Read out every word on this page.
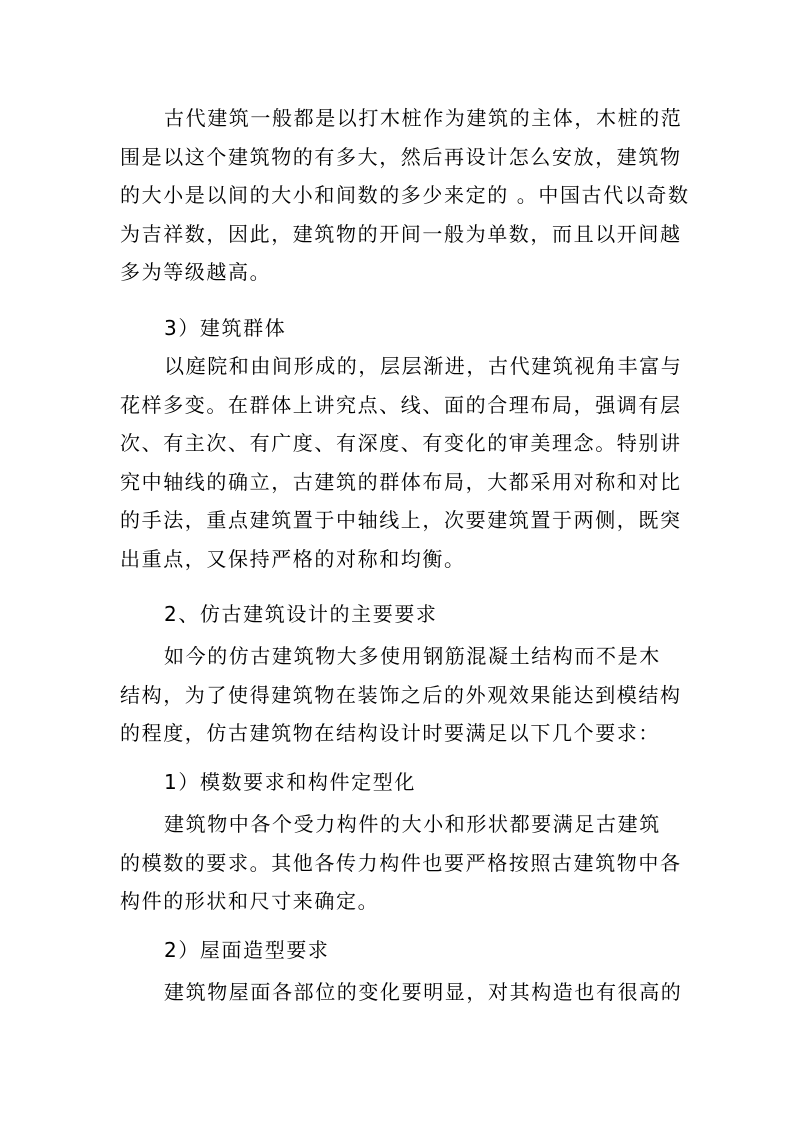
古代建筑一般都是以打木桩作为建筑的主体，木桩的范
围是以这个建筑物的有多大，然后再设计怎么安放，建筑物
的大小是以间的大小和间数的多少来定的 。中国古代以奇数
为吉祥数，因此，建筑物的开间一般为单数，而且以开间越
多为等级越高。
3）建筑群体
以庭院和由间形成的，层层渐进，古代建筑视角丰富与
花样多变。在群体上讲究点、线、面的合理布局，强调有层
次、有主次、有广度、有深度、有变化的审美理念。特别讲
究中轴线的确立，古建筑的群体布局，大都采用对称和对比
的手法，重点建筑置于中轴线上，次要建筑置于两侧，既突
出重点，又保持严格的对称和均衡。
2、仿古建筑设计的主要要求
如今的仿古建筑物大多使用钢筋混凝土结构而不是木
结构，为了使得建筑物在装饰之后的外观效果能达到模结构
的程度，仿古建筑物在结构设计时要满足以下几个要求：
1）模数要求和构件定型化
建筑物中各个受力构件的大小和形状都要满足古建筑
的模数的要求。其他各传力构件也要严格按照古建筑物中各
构件的形状和尺寸来确定。
2）屋面造型要求
建筑物屋面各部位的变化要明显，对其构造也有很高的
